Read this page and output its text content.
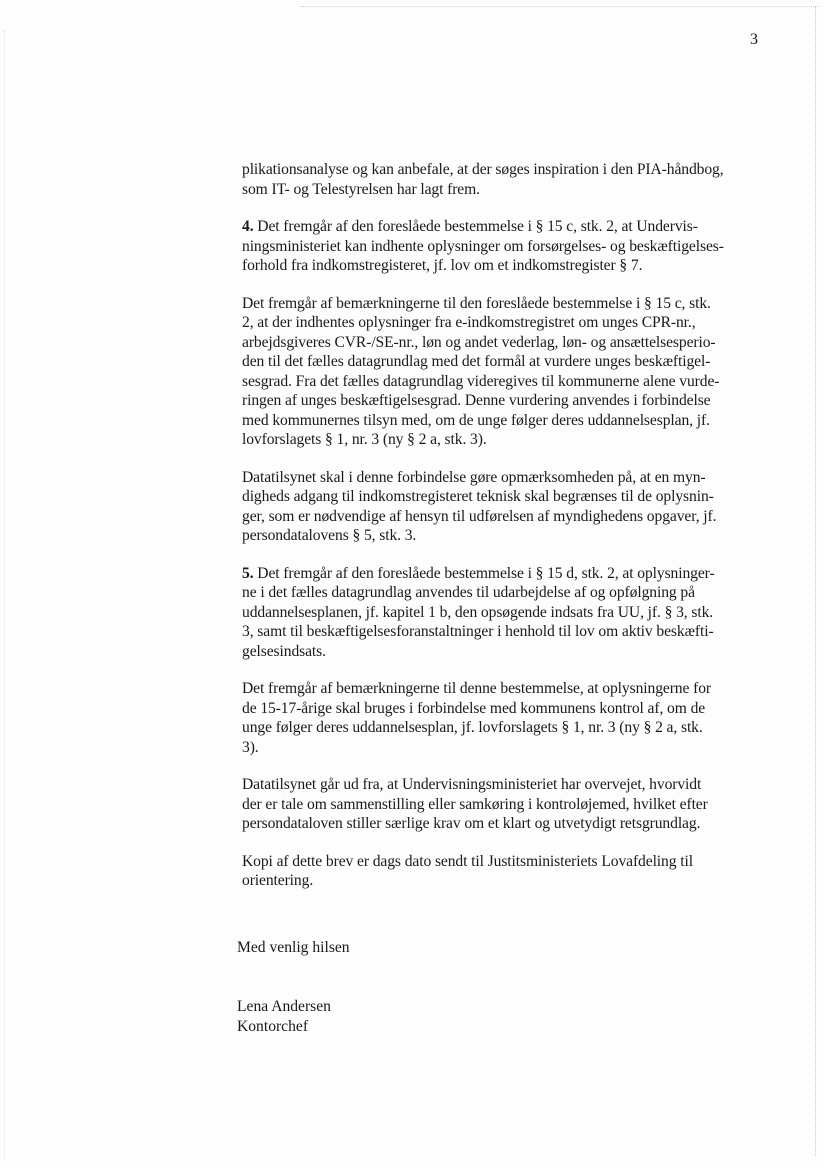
3

plikationsanalyse og kan anbefale, at der søges inspiration i den PIA-håndbog,
som IT- og Telestyrelsen har lagt frem.

4. Det fremgår af den foreslåede bestemmelse i § 15 c, stk. 2, at Undervis-
ningsministeriet kan indhente oplysninger om forsørgelses- og beskæftigelses-
forhold fra indkomstregisteret, jf. lov om et indkomstregister § 7.

Det fremgår af bemærkningerne til den foreslåede bestemmelse i § 15 c, stk.
2, at der indhentes oplysninger fra e-indkomstregistret om unges CPR-nr.,
arbejdsgiveres CVR-/SE-nr., løn og andet vederlag, løn- og ansættelsesperio-
den til det fælles datagrundlag med det formål at vurdere unges beskæftigel-
sesgrad. Fra det fælles datagrundlag videregives til kommunerne alene vurde-
ringen af unges beskæftigelsesgrad. Denne vurdering anvendes i forbindelse
med kommunernes tilsyn med, om de unge følger deres uddannelsesplan, jf.
lovforslagets § 1, nr. 3 (ny § 2 a, stk. 3).

Datatilsynet skal i denne forbindelse gøre opmærksomheden på, at en myn-
digheds adgang til indkomstregisteret teknisk skal begrænses til de oplysnin-
ger, som er nødvendige af hensyn til udførelsen af myndighedens opgaver, jf.
persondatalovens § 5, stk. 3.

5. Det fremgår af den foreslåede bestemmelse i § 15 d, stk. 2, at oplysninger-
ne i det fælles datagrundlag anvendes til udarbejdelse af og opfølgning på
uddannelsesplanen, jf. kapitel 1 b, den opsøgende indsats fra UU, jf. § 3, stk.
3, samt til beskæftigelsesforanstaltninger i henhold til lov om aktiv beskæfti-
gelsesindsats.

Det fremgår af bemærkningerne til denne bestemmelse, at oplysningerne for
de 15-17-årige skal bruges i forbindelse med kommunens kontrol af, om de
unge følger deres uddannelsesplan, jf. lovforslagets § 1, nr. 3 (ny § 2 a, stk.
3).

Datatilsynet går ud fra, at Undervisningsministeriet har overvejet, hvorvidt
der er tale om sammenstilling eller samkøring i kontroløjemed, hvilket efter
persondataloven stiller særlige krav om et klart og utvetydigt retsgrundlag.

Kopi af dette brev er dags dato sendt til Justitsministeriets Lovafdeling til
orientering.

Med venlig hilsen
Lena Andersen
Kontorchef
